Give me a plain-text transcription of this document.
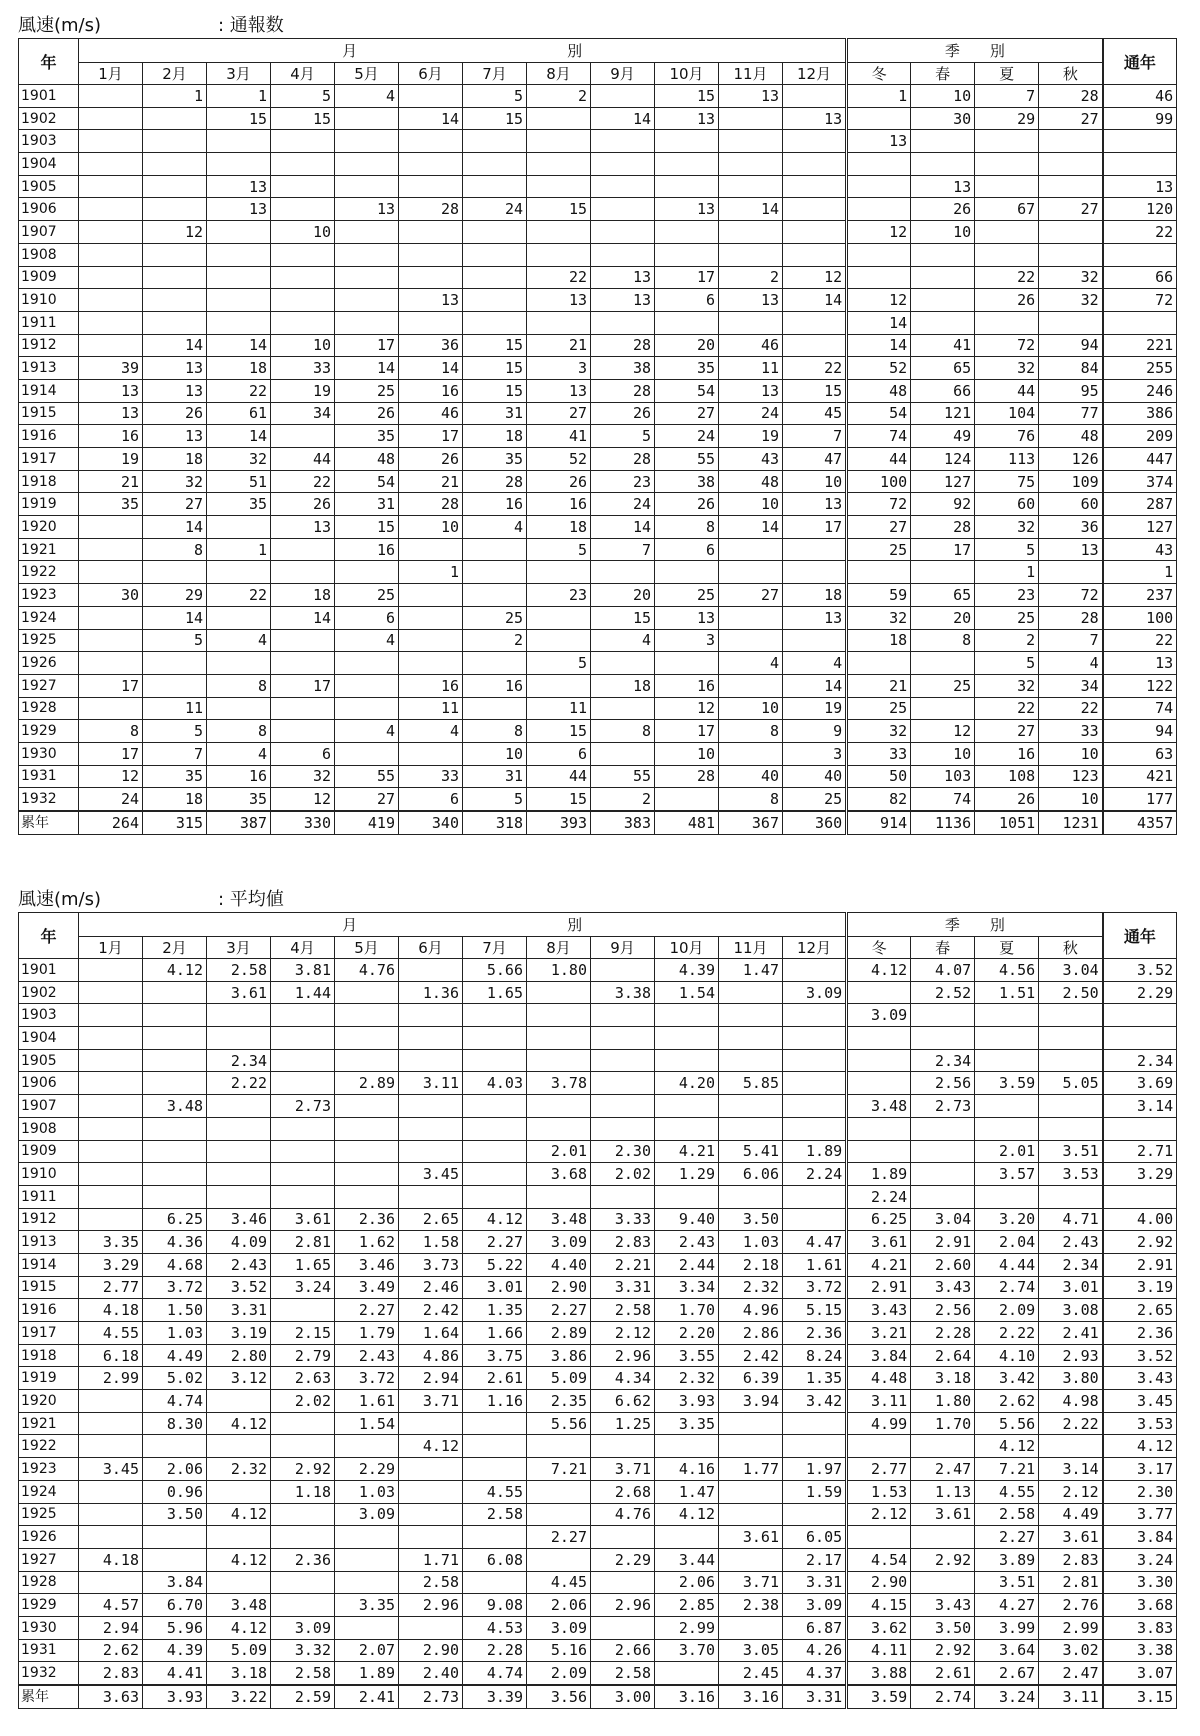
風速(m/s)	: 通報数
年	月　　　　　　　　　　　　　　別												季　　別				通年
	1月	2月	3月	4月	5月	6月	7月	8月	9月	10月	11月	12月	冬	春	夏	秋	
1901		1	1	5	4		5	2		15	13		1	10	7	28	46
1902			15	15		14	15		14	13		13		30	29	27	99
1903													13				
1904																	
1905			13											13			13
1906			13		13	28	24	15		13	14			26	67	27	120
1907		12		10									12	10			22
1908																	
1909								22	13	17	2	12			22	32	66
1910						13		13	13	6	13	14	12		26	32	72
1911													14				
1912		14	14	10	17	36	15	21	28	20	46		14	41	72	94	221
1913	39	13	18	33	14	14	15	3	38	35	11	22	52	65	32	84	255
1914	13	13	22	19	25	16	15	13	28	54	13	15	48	66	44	95	246
1915	13	26	61	34	26	46	31	27	26	27	24	45	54	121	104	77	386
1916	16	13	14		35	17	18	41	5	24	19	7	74	49	76	48	209
1917	19	18	32	44	48	26	35	52	28	55	43	47	44	124	113	126	447
1918	21	32	51	22	54	21	28	26	23	38	48	10	100	127	75	109	374
1919	35	27	35	26	31	28	16	16	24	26	10	13	72	92	60	60	287
1920		14		13	15	10	4	18	14	8	14	17	27	28	32	36	127
1921		8	1		16			5	7	6			25	17	5	13	43
1922						1									1		1
1923	30	29	22	18	25			23	20	25	27	18	59	65	23	72	237
1924		14		14	6		25		15	13		13	32	20	25	28	100
1925		5	4		4		2		4	3			18	8	2	7	22
1926								5			4	4			5	4	13
1927	17		8	17		16	16		18	16		14	21	25	32	34	122
1928		11				11		11		12	10	19	25		22	22	74
1929	8	5	8		4	4	8	15	8	17	8	9	32	12	27	33	94
1930	17	7	4	6			10	6		10		3	33	10	16	10	63
1931	12	35	16	32	55	33	31	44	55	28	40	40	50	103	108	123	421
1932	24	18	35	12	27	6	5	15	2		8	25	82	74	26	10	177
累年	264	315	387	330	419	340	318	393	383	481	367	360	914	1136	1051	1231	4357
風速(m/s)	: 平均値
年	月　　　　　　　　　　　　　　別												季　　別				通年
	1月	2月	3月	4月	5月	6月	7月	8月	9月	10月	11月	12月	冬	春	夏	秋	
1901		4.12	2.58	3.81	4.76		5.66	1.80		4.39	1.47		4.12	4.07	4.56	3.04	3.52
1902			3.61	1.44		1.36	1.65		3.38	1.54		3.09		2.52	1.51	2.50	2.29
1903													3.09				
1904																	
1905			2.34											2.34			2.34
1906			2.22		2.89	3.11	4.03	3.78		4.20	5.85			2.56	3.59	5.05	3.69
1907		3.48		2.73									3.48	2.73			3.14
1908																	
1909								2.01	2.30	4.21	5.41	1.89			2.01	3.51	2.71
1910						3.45		3.68	2.02	1.29	6.06	2.24	1.89		3.57	3.53	3.29
1911													2.24				
1912		6.25	3.46	3.61	2.36	2.65	4.12	3.48	3.33	9.40	3.50		6.25	3.04	3.20	4.71	4.00
1913	3.35	4.36	4.09	2.81	1.62	1.58	2.27	3.09	2.83	2.43	1.03	4.47	3.61	2.91	2.04	2.43	2.92
1914	3.29	4.68	2.43	1.65	3.46	3.73	5.22	4.40	2.21	2.44	2.18	1.61	4.21	2.60	4.44	2.34	2.91
1915	2.77	3.72	3.52	3.24	3.49	2.46	3.01	2.90	3.31	3.34	2.32	3.72	2.91	3.43	2.74	3.01	3.19
1916	4.18	1.50	3.31		2.27	2.42	1.35	2.27	2.58	1.70	4.96	5.15	3.43	2.56	2.09	3.08	2.65
1917	4.55	1.03	3.19	2.15	1.79	1.64	1.66	2.89	2.12	2.20	2.86	2.36	3.21	2.28	2.22	2.41	2.36
1918	6.18	4.49	2.80	2.79	2.43	4.86	3.75	3.86	2.96	3.55	2.42	8.24	3.84	2.64	4.10	2.93	3.52
1919	2.99	5.02	3.12	2.63	3.72	2.94	2.61	5.09	4.34	2.32	6.39	1.35	4.48	3.18	3.42	3.80	3.43
1920		4.74		2.02	1.61	3.71	1.16	2.35	6.62	3.93	3.94	3.42	3.11	1.80	2.62	4.98	3.45
1921		8.30	4.12		1.54			5.56	1.25	3.35			4.99	1.70	5.56	2.22	3.53
1922						4.12									4.12		4.12
1923	3.45	2.06	2.32	2.92	2.29			7.21	3.71	4.16	1.77	1.97	2.77	2.47	7.21	3.14	3.17
1924		0.96		1.18	1.03		4.55		2.68	1.47		1.59	1.53	1.13	4.55	2.12	2.30
1925		3.50	4.12		3.09		2.58		4.76	4.12			2.12	3.61	2.58	4.49	3.77
1926								2.27			3.61	6.05			2.27	3.61	3.84
1927	4.18		4.12	2.36		1.71	6.08		2.29	3.44		2.17	4.54	2.92	3.89	2.83	3.24
1928		3.84				2.58		4.45		2.06	3.71	3.31	2.90		3.51	2.81	3.30
1929	4.57	6.70	3.48		3.35	2.96	9.08	2.06	2.96	2.85	2.38	3.09	4.15	3.43	4.27	2.76	3.68
1930	2.94	5.96	4.12	3.09			4.53	3.09		2.99		6.87	3.62	3.50	3.99	2.99	3.83
1931	2.62	4.39	5.09	3.32	2.07	2.90	2.28	5.16	2.66	3.70	3.05	4.26	4.11	2.92	3.64	3.02	3.38
1932	2.83	4.41	3.18	2.58	1.89	2.40	4.74	2.09	2.58		2.45	4.37	3.88	2.61	2.67	2.47	3.07
累年	3.63	3.93	3.22	2.59	2.41	2.73	3.39	3.56	3.00	3.16	3.16	3.31	3.59	2.74	3.24	3.11	3.15
